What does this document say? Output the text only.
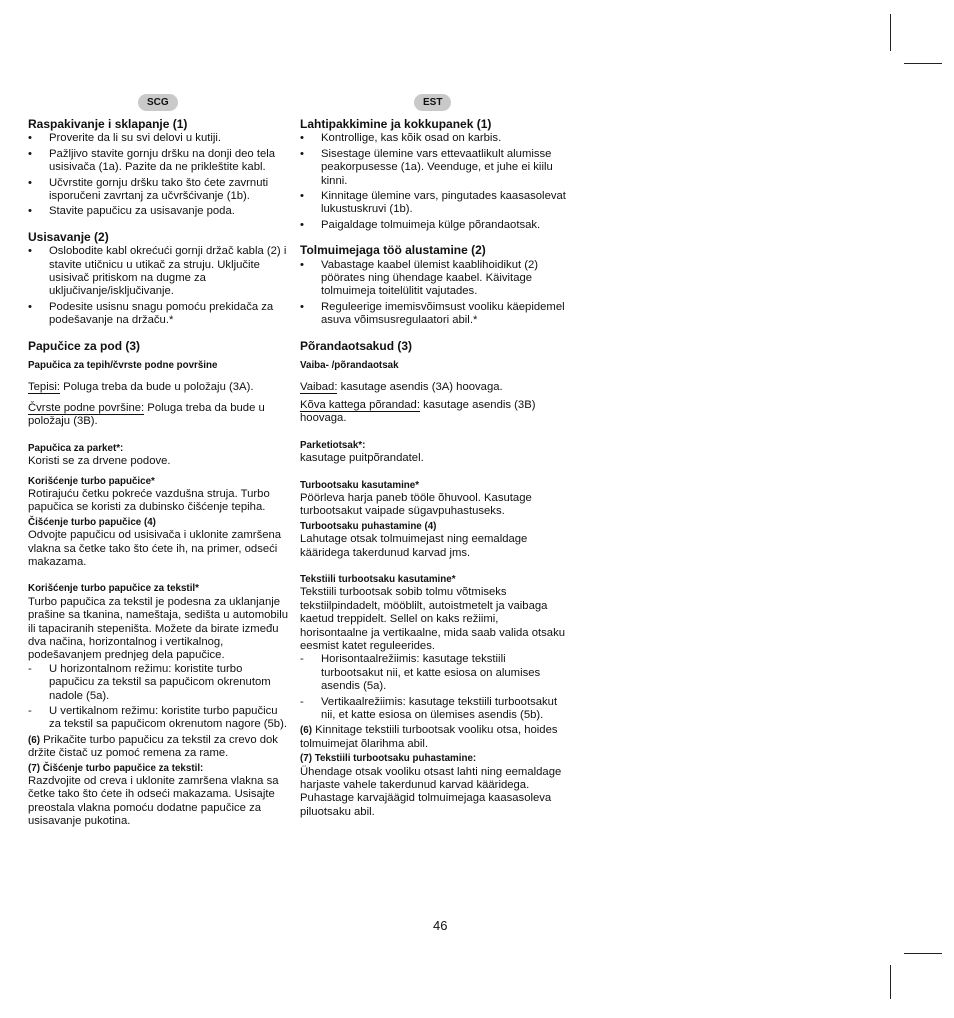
SCG	EST

Raspakivanje i sklapanje (1)

• Proverite da li su svi delovi u kutiji.
• Pažljivo stavite gornju dršku na donji deo tela usisivača (1a). Pazite da ne prikleštite kabl.
• Učvrstite gornju dršku tako što ćete zavrnuti isporučeni zavrtanj za učvršćivanje (1b).
• Stavite papučicu za usisavanje poda.

Usisavanje (2)

• Oslobodite kabl okrećući gornji držač kabla (2) i stavite utičnicu u utikač za struju. Uključite usisivač pritiskom na dugme za uključivanje/isključivanje.
• Podesite usisnu snagu pomoću prekidača za podešavanje na držaču.*

Papučice za pod (3)

Papučica za tepih/čvrste podne površine

Tepisi: Poluga treba da bude u položaju (3A).

Čvrste podne površine: Poluga treba da bude u položaju (3B).

Papučica za parket*:

Koristi se za drvene podove.

Korišćenje turbo papučice*

Rotirajuću četku pokreće vazdušna struja. Turbo papučica se koristi za dubinsko čišćenje tepiha.

Čišćenje turbo papučice (4)

Odvojte papučicu od usisivača i uklonite zamršena vlakna sa četke tako što ćete ih, na primer, odseći makazama.

Korišćenje turbo papučice za tekstil*

Turbo papučica za tekstil je podesna za uklanjanje prašine sa tkanina, nameštaja, sedišta u automobilu ili tapaciranih stepeništa. Možete da birate između dva načina, horizontalnog i vertikalnog, podešavanjem prednjeg dela papučice.

- U horizontalnom režimu: koristite turbo papučicu za tekstil sa papučicom okrenutom nadole (5a).
- U vertikalnom režimu: koristite turbo papučicu za tekstil sa papučicom okrenutom nagore (5b).

(6) Prikačite turbo papučicu za tekstil za crevo dok držite čistač uz pomoć remena za rame.

(7) Čišćenje turbo papučice za tekstil:

Razdvojite od creva i uklonite zamršena vlakna sa četke tako što ćete ih odseći makazama. Usisajte preostala vlakna pomoću dodatne papučice za usisavanje pukotina.

Lahtipakkimine ja kokkupanek (1)

• Kontrollige, kas kõik osad on karbis.
• Sisestage ülemine vars ettevaatlikult alumisse peakorpusesse (1a). Veenduge, et juhe ei kiilu kinni.
• Kinnitage ülemine vars, pingutades kaasasolevat lukustuskruvi (1b).
• Paigaldage tolmuimeja külge põrandaotsak.

Tolmuimejaga töö alustamine (2)

• Vabastage kaabel ülemist kaablihoidikut (2) pöörates ning ühendage kaabel. Käivitage tolmuimeja toitelülitit vajutades.
• Reguleerige imemisvõimsust vooliku käepidemel asuva võimsusregulaatori abil.*

Põrandaotsakud (3)

Vaiba- /põrandaotsak

Vaibad: kasutage asendis (3A) hoovaga.

Kõva kattega põrandad: kasutage asendis (3B) hoovaga.

Parketiotsak*:

kasutage puitpõrandatel.

Turbootsaku kasutamine*

Pöörleva harja paneb tööle õhuvool. Kasutage turbootsakut vaipade sügavpuhastuseks.

Turbootsaku puhastamine (4)

Lahutage otsak tolmuimejast ning eemaldage kääridega takerdunud karvad jms.

Tekstiili turbootsaku kasutamine*

Tekstiili turbootsak sobib tolmu võtmiseks tekstiilpindadelt, mööblilt, autoistmetelt ja vaibaga kaetud treppidelt. Sellel on kaks režiimi, horisontaalne ja vertikaalne, mida saab valida otsaku eesmist katet reguleerides.

- Horisontaalrežiimis: kasutage tekstiili turbootsakut nii, et katte esiosa on alumises asendis (5a).
- Vertikaalrežiimis: kasutage tekstiili turbootsakut nii, et katte esiosa on ülemises asendis (5b).

(6) Kinnitage tekstiili turbootsak vooliku otsa, hoides tolmuimejat õlarihma abil.

(7) Tekstiili turbootsaku puhastamine:

Ühendage otsak vooliku otsast lahti ning eemaldage harjaste vahele takerdunud karvad kääridega. Puhastage karvajäägid tolmuimejaga kaasasoleva piluotsaku abil.

46
